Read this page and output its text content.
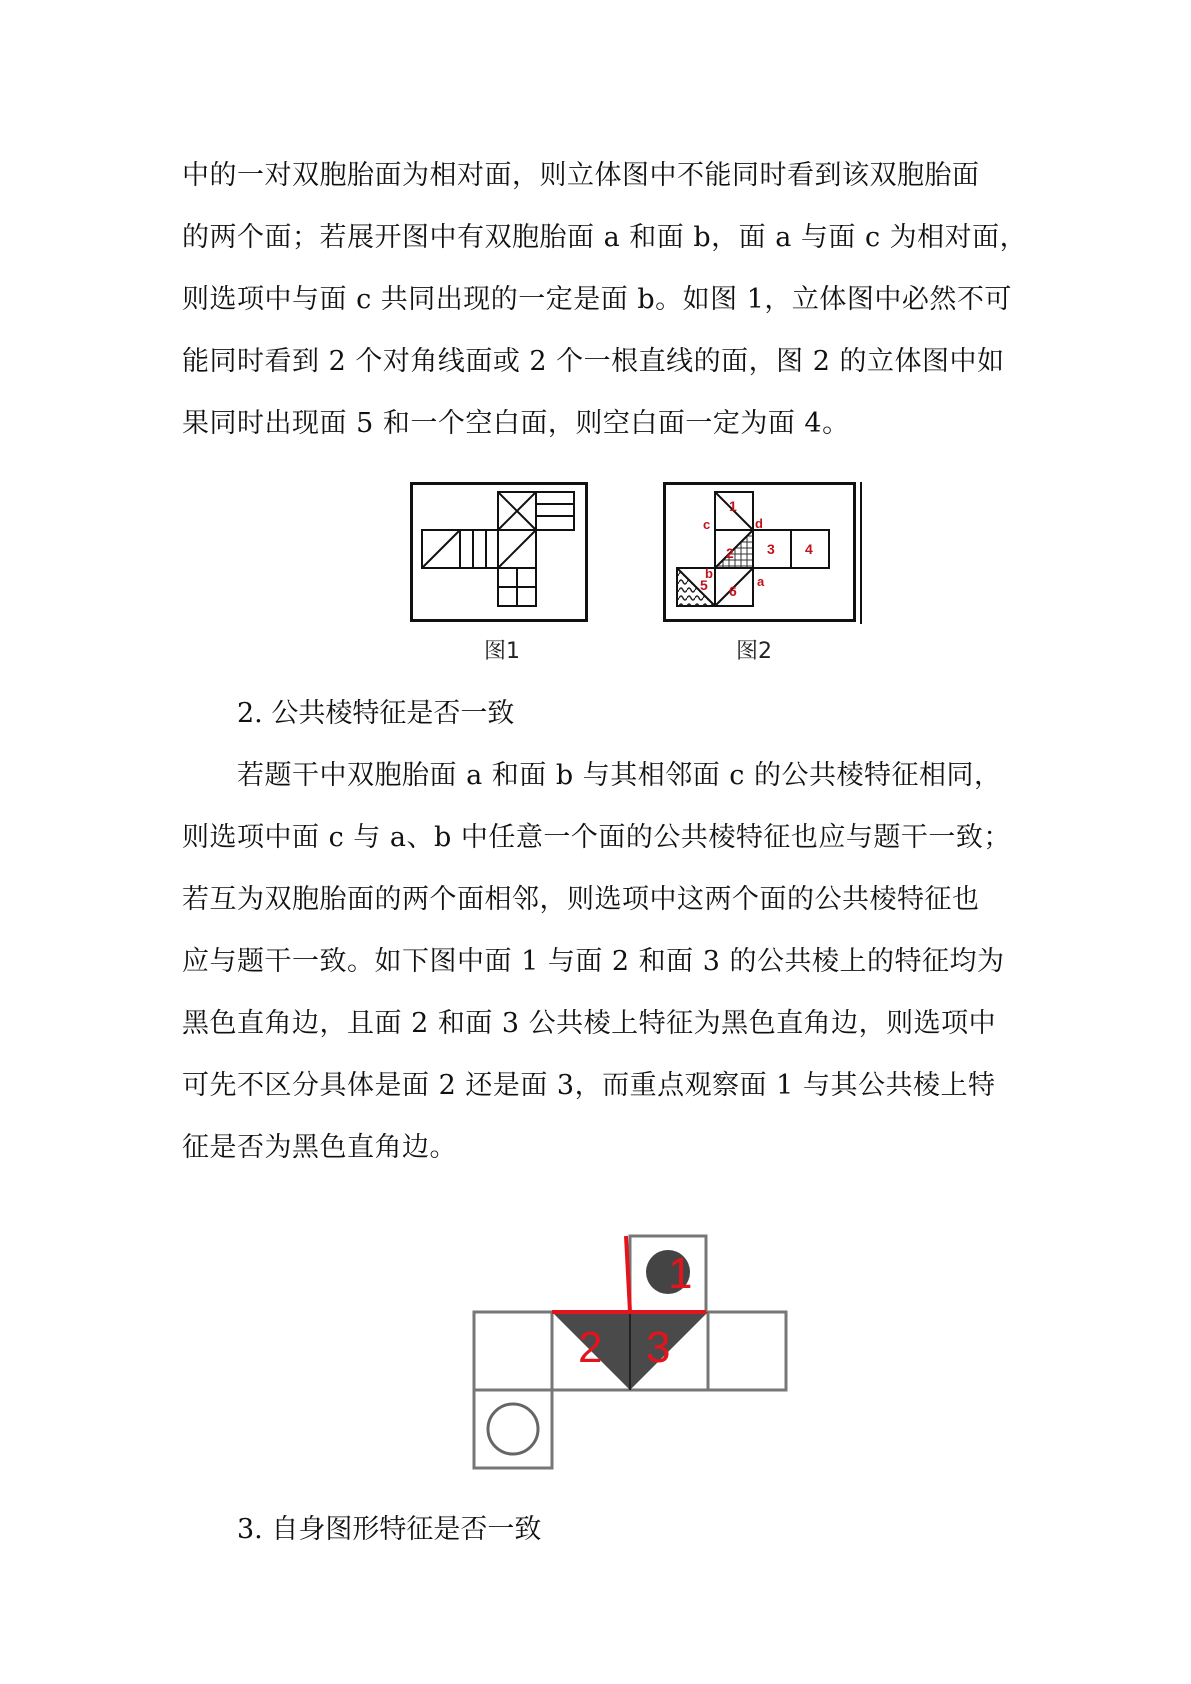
中的一对双胞胎面为相对面，则立体图中不能同时看到该双胞胎面
的两个面；若展开图中有双胞胎面 a 和面 b，面 a 与面 c 为相对面，
则选项中与面 c 共同出现的一定是面 b。如图 1，立体图中必然不可
能同时看到 2 个对角线面或 2 个一根直线的面，图 2 的立体图中如
果同时出现面 5 和一个空白面，则空白面一定为面 4。
图1
1
2 3 4
5 6
a
b
c	d
图2
2. 公共棱特征是否一致
若题干中双胞胎面 a 和面 b 与其相邻面 c 的公共棱特征相同，
则选项中面 c 与 a、b 中任意一个面的公共棱特征也应与题干一致；
若互为双胞胎面的两个面相邻，则选项中这两个面的公共棱特征也
应与题干一致。如下图中面 1 与面 2 和面 3 的公共棱上的特征均为
黑色直角边，且面 2 和面 3 公共棱上特征为黑色直角边，则选项中
可先不区分具体是面 2 还是面 3，而重点观察面 1 与其公共棱上特
征是否为黑色直角边。
1
2 3
3. 自身图形特征是否一致
